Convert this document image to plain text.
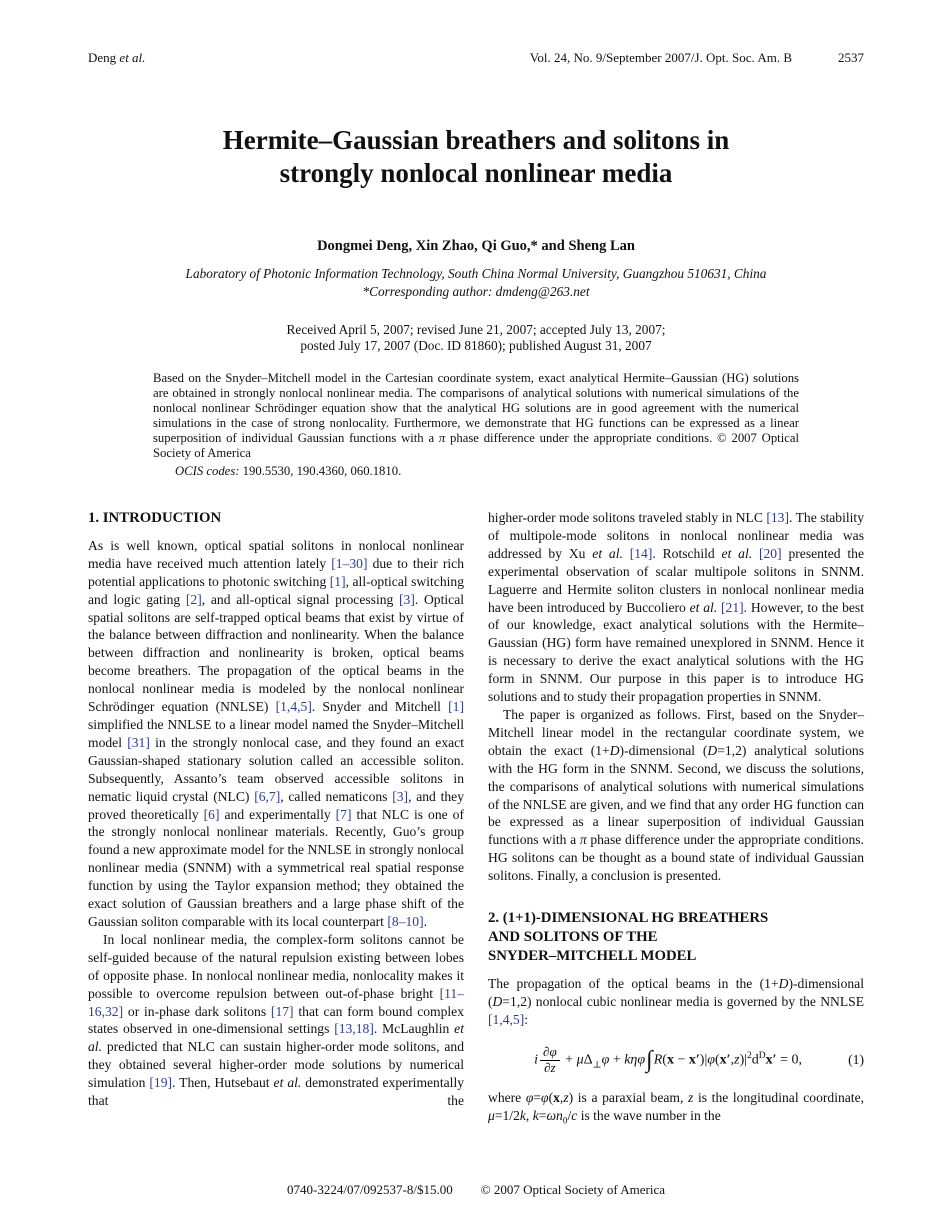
Deng et al.	Vol. 24, No. 9/September 2007/J. Opt. Soc. Am. B	2537
Hermite–Gaussian breathers and solitons in
strongly nonlocal nonlinear media
Dongmei Deng, Xin Zhao, Qi Guo,* and Sheng Lan
Laboratory of Photonic Information Technology, South China Normal University, Guangzhou 510631, China
*Corresponding author: dmdeng@263.net
Received April 5, 2007; revised June 21, 2007; accepted July 13, 2007;
posted July 17, 2007 (Doc. ID 81860); published August 31, 2007
Based on the Snyder–Mitchell model in the Cartesian coordinate system, exact analytical Hermite–Gaussian (HG) solutions are obtained in strongly nonlocal nonlinear media. The comparisons of analytical solutions with numerical simulations of the nonlocal nonlinear Schrödinger equation show that the analytical HG solutions are in good agreement with the numerical simulations in the case of strong nonlocality. Furthermore, we demonstrate that HG functions can be expressed as a linear superposition of individual Gaussian functions with a π phase difference under the appropriate conditions. © 2007 Optical Society of America
OCIS codes: 190.5530, 190.4360, 060.1810.
1. INTRODUCTION

As is well known, optical spatial solitons in nonlocal nonlinear media have received much attention lately [1–30] due to their rich potential applications to photonic switching [1], all-optical switching and logic gating [2], and all-optical signal processing [3]. Optical spatial solitons are self-trapped optical beams that exist by virtue of the balance between diffraction and nonlinearity. When the balance between diffraction and nonlinearity is broken, optical beams become breathers. The propagation of the optical beams in the nonlocal nonlinear media is modeled by the nonlocal nonlinear Schrödinger equation (NNLSE) [1,4,5]. Snyder and Mitchell [1] simplified the NNLSE to a linear model named the Snyder–Mitchell model [31] in the strongly nonlocal case, and they found an exact Gaussian-shaped stationary solution called an accessible soliton. Subsequently, Assanto’s team observed accessible solitons in nematic liquid crystal (NLC) [6,7], called nematicons [3], and they proved theoretically [6] and experimentally [7] that NLC is one of the strongly nonlocal nonlinear materials. Recently, Guo’s group found a new approximate model for the NNLSE in strongly nonlocal nonlinear media (SNNM) with a symmetrical real spatial response function by using the Taylor expansion method; they obtained the exact solution of Gaussian breathers and a large phase shift of the Gaussian soliton comparable with its local counterpart [8–10].

In local nonlinear media, the complex-form solitons cannot be self-guided because of the natural repulsion existing between lobes of opposite phase. In nonlocal nonlinear media, nonlocality makes it possible to overcome repulsion between out-of-phase bright [11–16,32] or in-phase dark solitons [17] that can form bound complex states observed in one-dimensional settings [13,18]. McLaughlin et al. predicted that NLC can sustain higher-order mode solitons, and they obtained several higher-order mode solutions by numerical simulation [19]. Then, Hutsebaut et al. demonstrated experimentally that the

higher-order mode solitons traveled stably in NLC [13]. The stability of multipole-mode solitons in nonlocal nonlinear media was addressed by Xu et al. [14]. Rotschild et al. [20] presented the experimental observation of scalar multipole solitons in SNNM. Laguerre and Hermite soliton clusters in nonlocal nonlinear media have been introduced by Buccoliero et al. [21]. However, to the best of our knowledge, exact analytical solutions with the Hermite–Gaussian (HG) form have remained unexplored in SNNM. Hence it is necessary to derive the exact analytical solutions with the HG form in SNNM. Our purpose in this paper is to introduce HG solutions and to study their propagation properties in SNNM.

The paper is organized as follows. First, based on the Snyder–Mitchell linear model in the rectangular coordinate system, we obtain the exact (1+D)-dimensional (D=1,2) analytical solutions with the HG form in the SNNM. Second, we discuss the solutions, the comparisons of analytical solutions with numerical simulations of the NNLSE are given, and we find that any order HG function can be expressed as a linear superposition of individual Gaussian functions with a π phase difference under the appropriate conditions. HG solitons can be thought as a bound state of individual Gaussian solitons. Finally, a conclusion is presented.

2. (1+1)-DIMENSIONAL HG BREATHERS
AND SOLITONS OF THE
SNYDER–MITCHELL MODEL

The propagation of the optical beams in the (1+D)-dimensional (D=1,2) nonlocal cubic nonlinear media is governed by the NNLSE [1,4,5]:

i $\frac{\partial\varphi}{\partial z} + \mu\Delta_\perp\varphi + k\eta\varphi\int R(x - x')|\varphi(x',z)|^2d^Dx' = 0$,	(1)

where φ=φ(x,z) is a paraxial beam, z is the longitudinal coordinate, μ=1/2k, $k=\omega n_0/c$ is the wave number in the

0740-3224/07/092537-8/$15.00 © 2007 Optical Society of America
